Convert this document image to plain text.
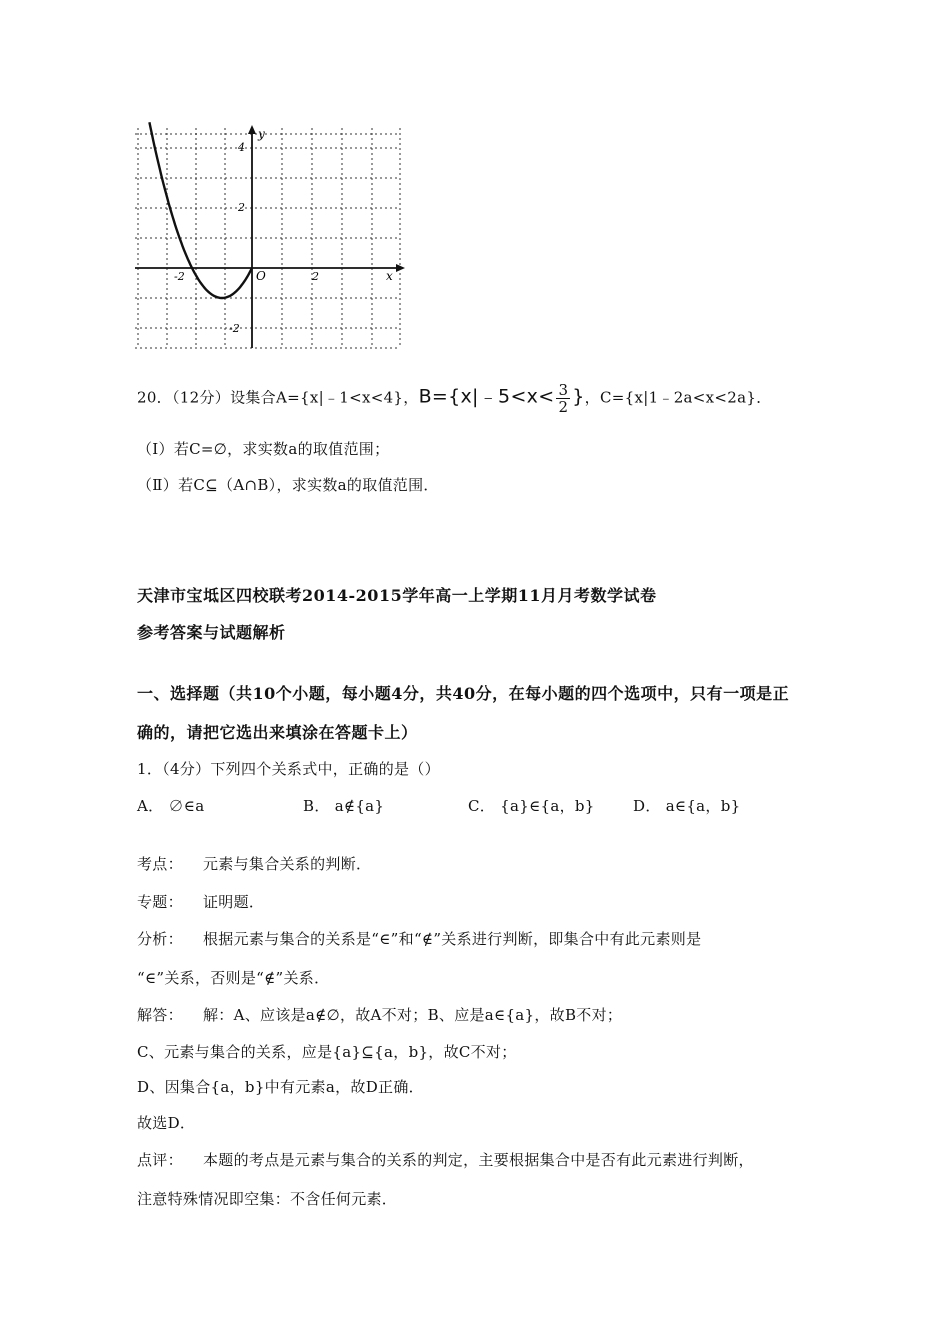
y
x
4
2
-2
-2	O	2
20．（12分）设集合A={x|﹣1<x<4}，B={x|﹣5<x< $\frac{3}{2}$ }，C={x|1﹣2a<x<2a}．
（Ⅰ）若C=∅，求实数a的取值范围；
（Ⅱ）若C⊆（A∩B），求实数a的取值范围．
天津市宝坻区四校联考2014-2015学年高一上学期11月月考数学试卷
参考答案与试题解析
一、选择题（共10个小题，每小题4分，共40分，在每小题的四个选项中，只有一项是正
确的，请把它选出来填涂在答题卡上）
1．（4分）下列四个关系式中，正确的是（）
A． ∅∈a	B． a∉{a}	C． {a}∈{a，b}	D． a∈{a，b}
考点： 元素与集合关系的判断．
专题： 证明题．
分析： 根据元素与集合的关系是“∈”和“∉”关系进行判断，即集合中有此元素则是
“∈”关系，否则是“∉”关系．
解答： 解：A、应该是a∉∅，故A不对；B、应是a∈{a}，故B不对；
C、元素与集合的关系，应是{a}⊆{a，b}，故C不对；
D、因集合{a，b}中有元素a，故D正确．
故选D．
点评： 本题的考点是元素与集合的关系的判定，主要根据集合中是否有此元素进行判断，
注意特殊情况即空集：不含任何元素．
